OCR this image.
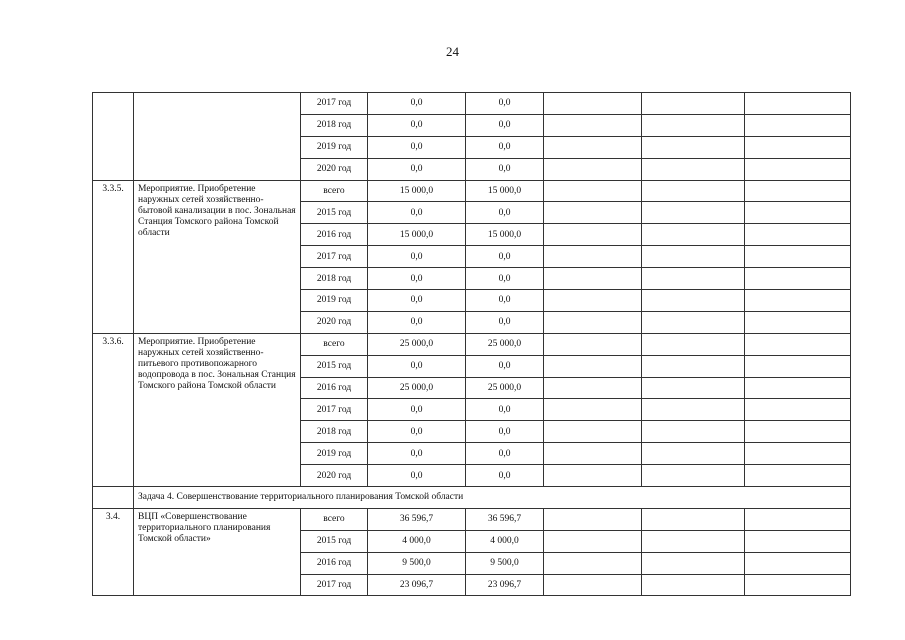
24
		2017 год	0,0	0,0			
		2018 год	0,0	0,0			
		2019 год	0,0	0,0			
		2020 год	0,0	0,0			
3.3.5.	Мероприятие. Приобретение наружных сетей хозяйственно-бытовой канализации в пос. Зональная Станция Томского района Томской области	всего	15 000,0	15 000,0			
		2015 год	0,0	0,0			
		2016 год	15 000,0	15 000,0			
		2017 год	0,0	0,0			
		2018 год	0,0	0,0			
		2019 год	0,0	0,0			
		2020 год	0,0	0,0			
3.3.6.	Мероприятие. Приобретение наружных сетей хозяйственно-питьевого противопожарного водопровода в пос. Зональная Станция Томского района Томской области	всего	25 000,0	25 000,0			
		2015 год	0,0	0,0			
		2016 год	25 000,0	25 000,0			
		2017 год	0,0	0,0			
		2018 год	0,0	0,0			
		2019 год	0,0	0,0			
		2020 год	0,0	0,0			
	Задача 4. Совершенствование территориального планирования Томской области						
3.4.	ВЦП «Совершенствование территориального планирования Томской области»	всего	36 596,7	36 596,7			
		2015 год	4 000,0	4 000,0			
		2016 год	9 500,0	9 500,0			
		2017 год	23 096,7	23 096,7			
